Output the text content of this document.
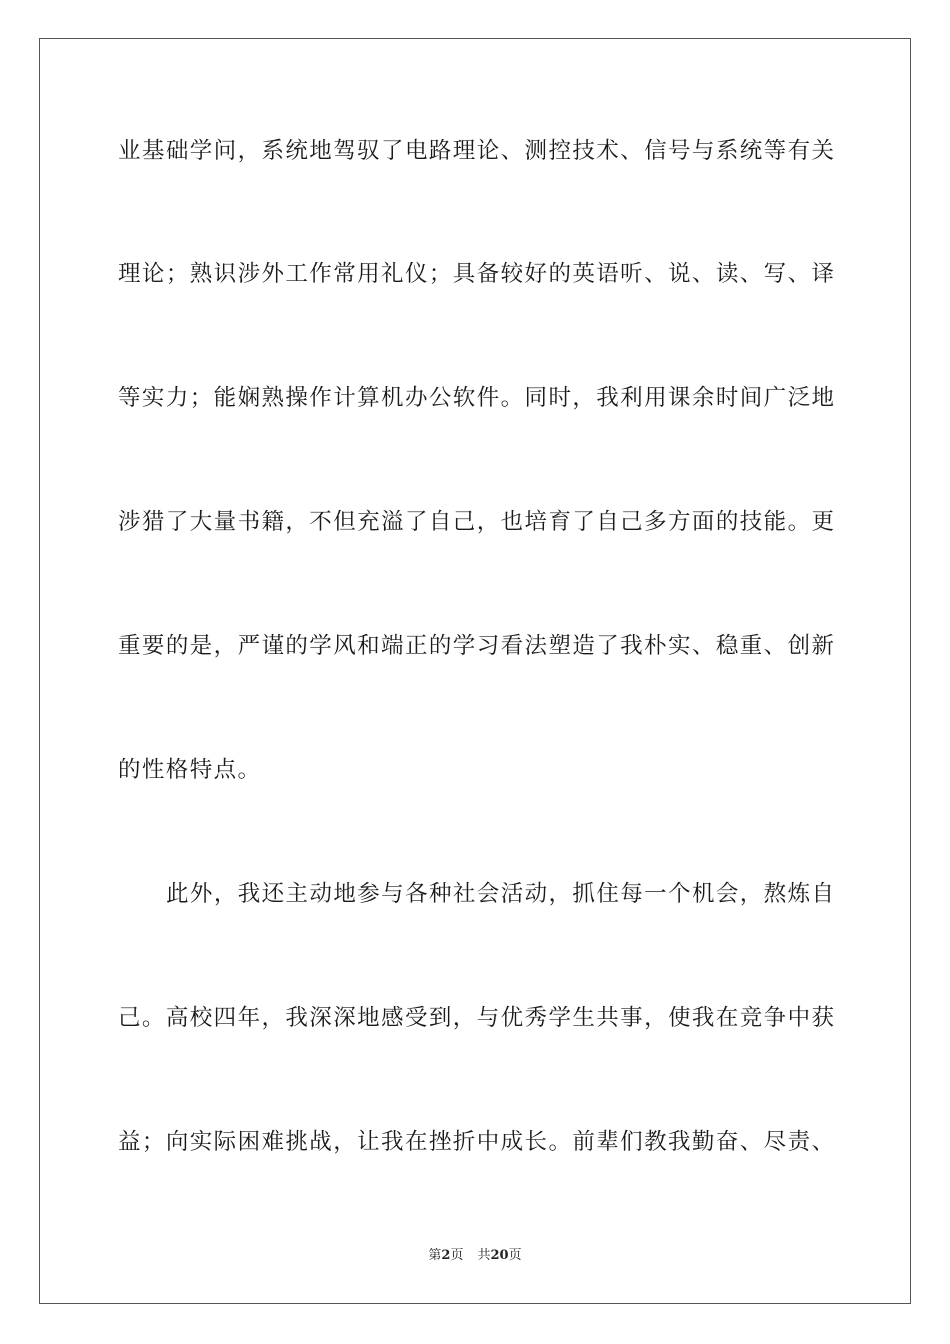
业基础学问，系统地驾驭了电路理论、测控技术、信号与系统等有关
理论；熟识涉外工作常用礼仪；具备较好的英语听、说、读、写、译
等实力；能娴熟操作计算机办公软件。同时，我利用课余时间广泛地
涉猎了大量书籍，不但充溢了自己，也培育了自己多方面的技能。更
重要的是，严谨的学风和端正的学习看法塑造了我朴实、稳重、创新
的性格特点。
此外，我还主动地参与各种社会活动，抓住每一个机会，熬炼自
己。高校四年，我深深地感受到，与优秀学生共事，使我在竞争中获
益；向实际困难挑战，让我在挫折中成长。前辈们教我勤奋、尽责、
第2页 共20页
